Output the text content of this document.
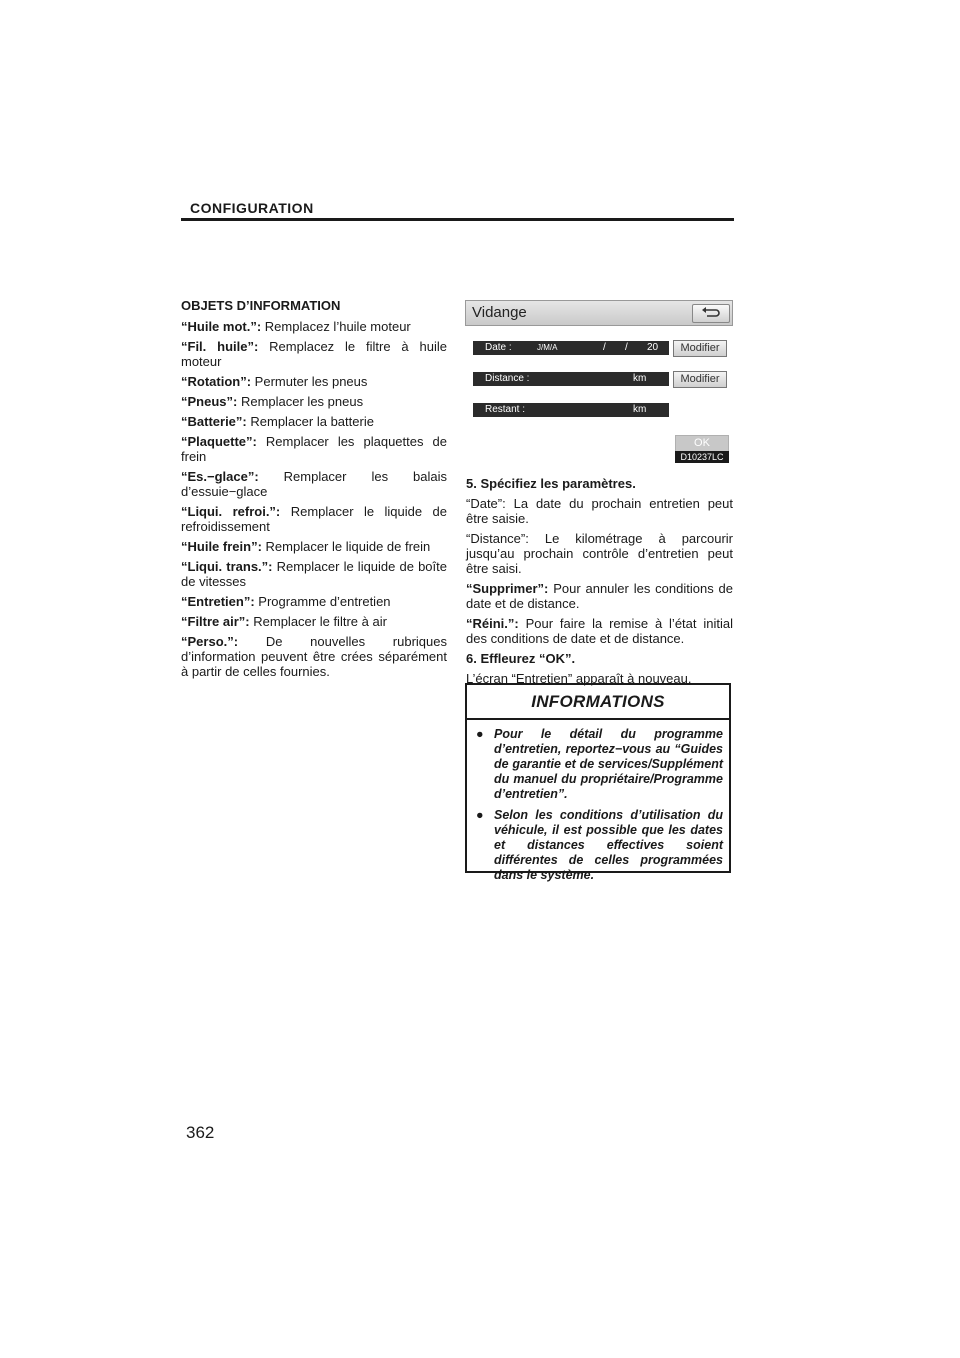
CONFIGURATION
OBJETS D’INFORMATION

“Huile mot.”: Remplacez l’huile moteur

“Fil. huile”: Remplacez le filtre à huile moteur

“Rotation”: Permuter les pneus

“Pneus”: Remplacer les pneus

“Batterie”: Remplacer la batterie

“Plaquette”: Remplacer les plaquettes de frein

“Es.−glace”: Remplacer les balais d’essuie−glace

“Liqui. refroi.”: Remplacer le liquide de refroidissement

“Huile frein”: Remplacer le liquide de frein

“Liqui. trans.”: Remplacer le liquide de boîte de vitesses

“Entretien”: Programme d’entretien

“Filtre air”: Remplacer le filtre à air

“Perso.”: De nouvelles rubriques d’information peuvent être crées séparément à partir de celles fournies.

Vidange
Date :	J/M/A	/ / 20	Modifier
Distance :	km	Modifier
Restant :	km
OK
D10237LC

5. Spécifiez les paramètres.

“Date”: La date du prochain entretien peut être saisie.

“Distance”: Le kilométrage à parcourir jusqu’au prochain contrôle d’entretien peut être saisi.

“Supprimer”: Pour annuler les conditions de date et de distance.

“Réini.”: Pour faire la remise à l’état initial des conditions de date et de distance.

6. Effleurez “OK”.

L’écran “Entretien” apparaît à nouveau.

INFORMATIONS
● Pour le détail du programme d’entretien, reportez−vous au “Guides de garantie et de services/Supplément du manuel du propriétaire/Programme d’entretien”.
● Selon les conditions d’utilisation du véhicule, il est possible que les dates et distances effectives soient différentes de celles programmées dans le système.
362
